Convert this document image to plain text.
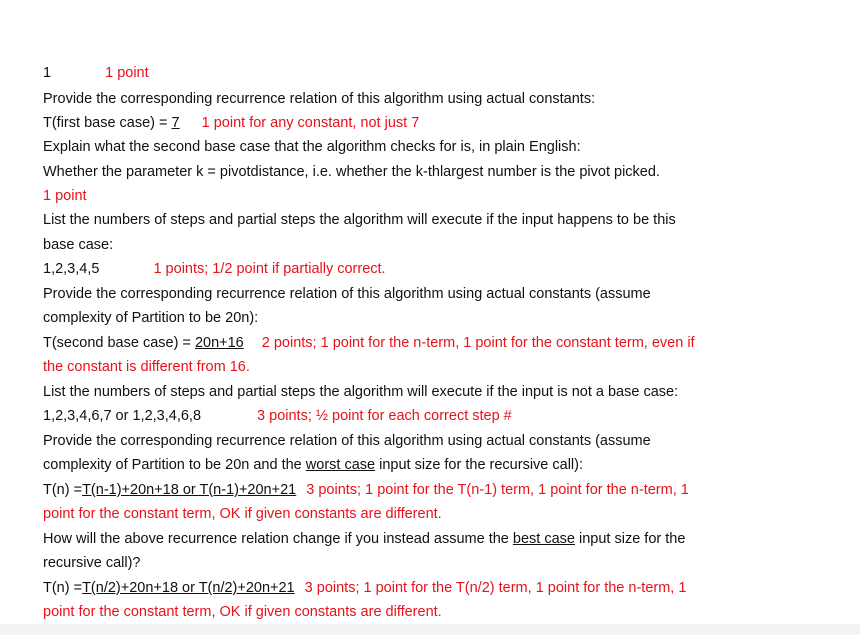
1	1 point
Provide the corresponding recurrence relation of this algorithm using actual constants:
T(first base case) = 7 1 point for any constant, not just 7
Explain what the second base case that the algorithm checks for is, in plain English:
Whether the parameter k = pivotdistance, i.e. whether the k-thlargest number is the pivot picked.
1 point
List the numbers of steps and partial steps the algorithm will execute if the input happens to be this
base case:
1,2,3,4,5	1 points; 1/2 point if partially correct.
Provide the corresponding recurrence relation of this algorithm using actual constants (assume
complexity of Partition to be 20n):
T(second base case) = 20n+16 2 points; 1 point for the n-term, 1 point for the constant term, even if
the constant is different from 16.
List the numbers of steps and partial steps the algorithm will execute if the input is not a base case:
1,2,3,4,6,7 or 1,2,3,4,6,8	3 points; ½ point for each correct step #
Provide the corresponding recurrence relation of this algorithm using actual constants (assume
complexity of Partition to be 20n and the worst case input size for the recursive call):
T(n) =T(n-1)+20n+18 or T(n-1)+20n+21 3 points; 1 point for the T(n-1) term, 1 point for the n-term, 1
point for the constant term, OK if given constants are different.
How will the above recurrence relation change if you instead assume the best case input size for the
recursive call)?
T(n) =T(n/2)+20n+18 or T(n/2)+20n+21 3 points; 1 point for the T(n/2) term, 1 point for the n-term, 1
point for the constant term, OK if given constants are different.
